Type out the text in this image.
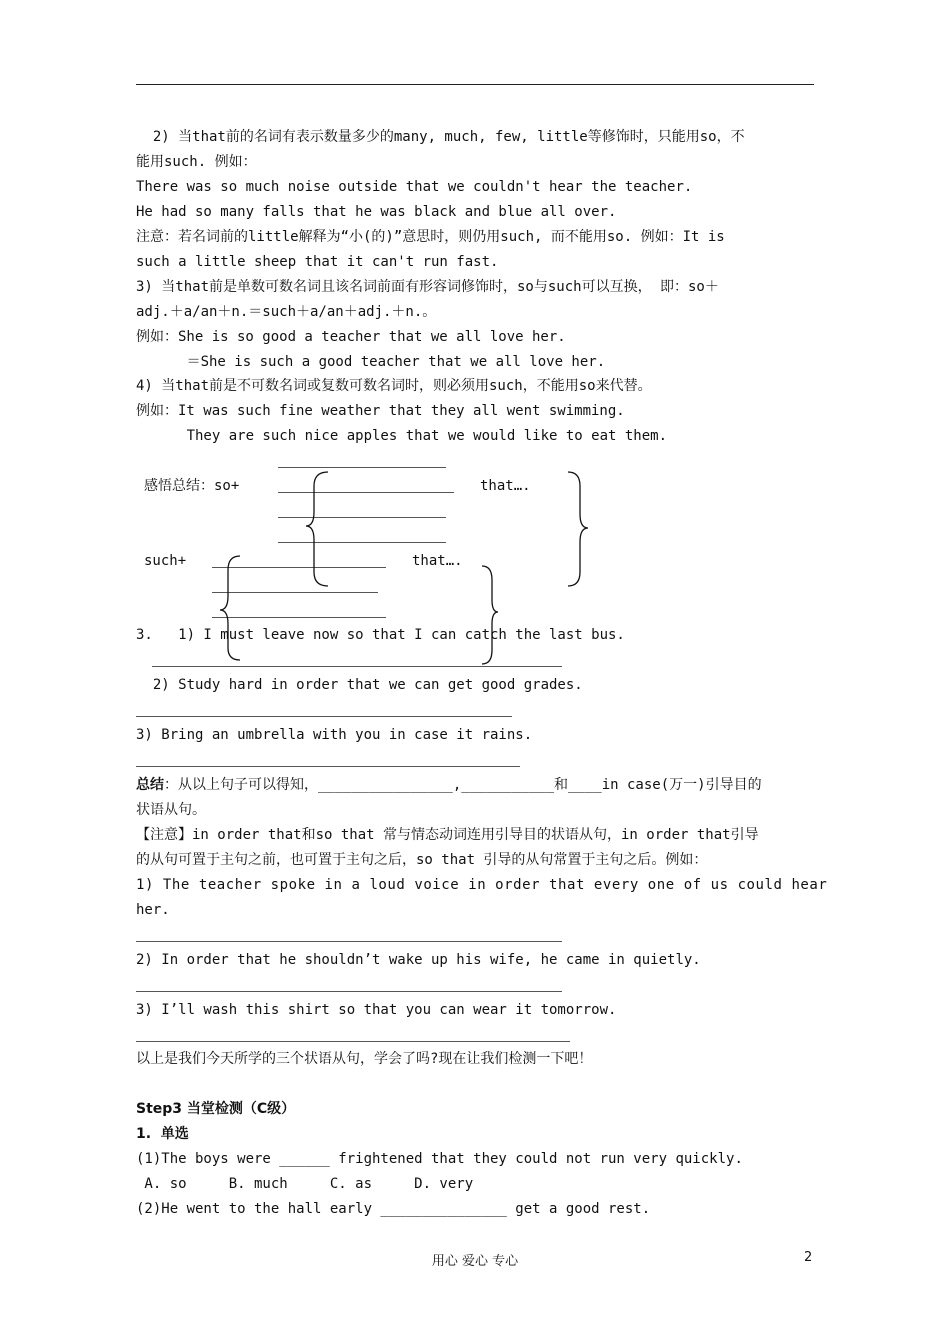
2) 当that前的名词有表示数量多少的many, much, few, little等修饰时，只能用so，不
能用such. 例如：
There was so much noise outside that we couldn't hear the teacher.
He had so many falls that he was black and blue all over.
注意：若名词前的little解释为“小(的)”意思时，则仍用such, 而不能用so. 例如：It is
such a little sheep that it can't run fast.
3) 当that前是单数可数名词且该名词前面有形容词修饰时，so与such可以互换， 即：so＋
adj.＋a/an＋n.＝such＋a/an＋adj.＋n.。
例如：She is so good a teacher that we all love her.
＝She is such a good teacher that we all love her.
4) 当that前是不可数名词或复数可数名词时，则必须用such，不能用so来代替。
例如：It was such fine weather that they all went swimming.
They are such nice apples that we would like to eat them.
感悟总结：so+	that….
such+	that….
3.   1) I must leave now so that I can catch the last bus.
2) Study hard in order that we can get good grades.
3) Bring an umbrella with you in case it rains.
总结：从以上句子可以得知，________________,___________和____in case(万一)引导目的
状语从句。
【注意】in order that和so that 常与情态动词连用引导目的状语从句，in order that引导
的从句可置于主句之前，也可置于主句之后，so that 引导的从句常置于主句之后。例如：
1) The teacher spoke in a loud voice in order that every one of us could hear
her.
2) In order that he shouldn’t wake up his wife, he came in quietly.
3) I’ll wash this shirt so that you can wear it tomorrow.
以上是我们今天所学的三个状语从句，学会了吗?现在让我们检测一下吧！
Step3 当堂检测（C级）
1.  单选
(1)The boys were ______ frightened that they could not run very quickly.
A. so     B. much     C. as     D. very
(2)He went to the hall early _______________ get a good rest.
用心 爱心 专心	2
